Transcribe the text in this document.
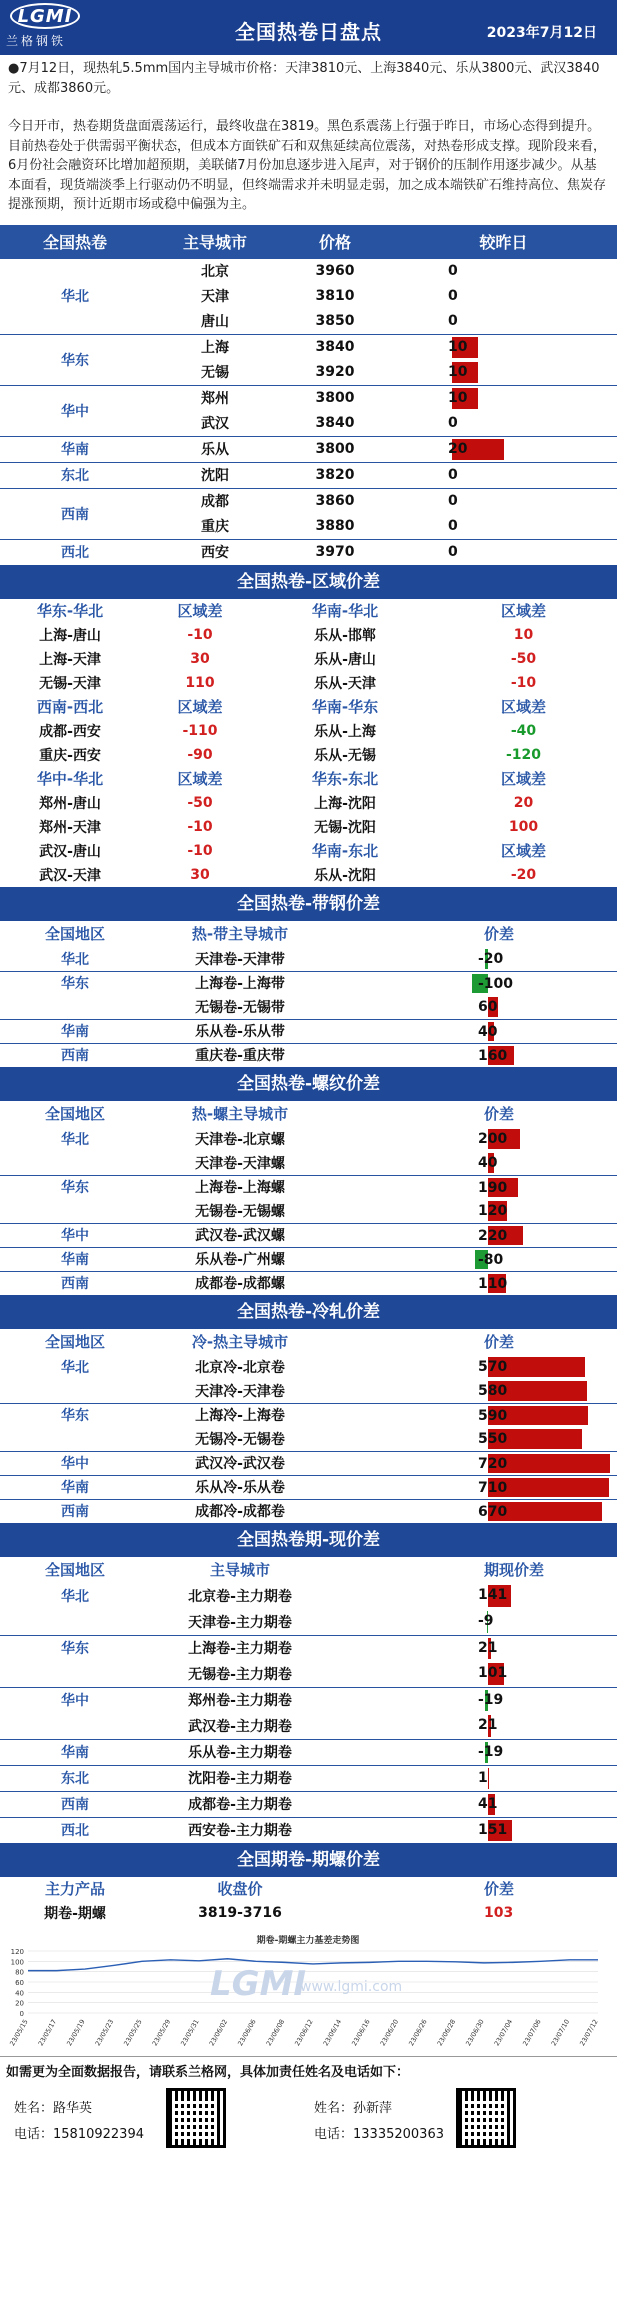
LGMI
兰格钢铁	全国热卷日盘点	2023年7月12日

●7月12日，现热轧5.5mm国内主导城市价格：天津3810元、上海3840元、乐从3800元、武汉3840元、成都3860元。

今日开市，热卷期货盘面震荡运行，最终收盘在3819。黑色系震荡上行强于昨日，市场心态得到提升。目前热卷处于供需弱平衡状态，但成本方面铁矿石和双焦延续高位震荡，对热卷形成支撑。现阶段来看，6月份社会融资环比增加超预期，美联储7月份加息逐步进入尾声，对于钢价的压制作用逐步减少。从基本面看，现货端淡季上行驱动仍不明显，但终端需求并未明显走弱，加之成本端铁矿石维持高位、焦炭存提涨预期，预计近期市场或稳中偏强为主。

全国热卷	主导城市	价格	较昨日
华北
北京	3960	0
天津	3810	0
唐山	3850	0
华东
上海	3840	10
无锡	3920	10
华中
郑州	3800	10
武汉	3840	0
华南	乐从	3800	20
东北	沈阳	3820	0
西南
成都	3860	0
重庆	3880	0
西北	西安	3970	0
全国热卷-区域价差
华东-华北	区域差	华南-华北	区域差
上海-唐山	-10	乐从-邯郸	10
上海-天津	30	乐从-唐山	-50
无锡-天津	110	乐从-天津	-10
西南-西北	区域差	华南-华东	区域差
成都-西安	-110	乐从-上海	-40
重庆-西安	-90	乐从-无锡	-120
华中-华北	区域差	华东-东北	区域差
郑州-唐山	-50	上海-沈阳	20
郑州-天津	-10	无锡-沈阳	100
武汉-唐山	-10	华南-东北	区域差
武汉-天津	30	乐从-沈阳	-20
全国热卷-带钢价差
全国地区	热-带主导城市	价差
华北	天津卷-天津带	-20
华东	上海卷-上海带	-100
无锡卷-无锡带	60
华南	乐从卷-乐从带	40
西南	重庆卷-重庆带	160
全国热卷-螺纹价差
全国地区	热-螺主导城市	价差
华北	天津卷-北京螺	200
天津卷-天津螺	40
华东	上海卷-上海螺	190
无锡卷-无锡螺	120
华中	武汉卷-武汉螺	220
华南	乐从卷-广州螺	-80
西南	成都卷-成都螺	110
全国热卷-冷轧价差
全国地区	冷-热主导城市	价差
华北	北京冷-北京卷	570
天津冷-天津卷	580
华东	上海冷-上海卷	590
无锡冷-无锡卷	550
华中	武汉冷-武汉卷	720
华南	乐从冷-乐从卷	710
西南	成都冷-成都卷	670
全国热卷期-现价差
全国地区	主导城市	期现价差
华北	北京卷-主力期卷	141
天津卷-主力期卷	-9
华东	上海卷-主力期卷	21
无锡卷-主力期卷	101
华中	郑州卷-主力期卷	-19
武汉卷-主力期卷	21
华南	乐从卷-主力期卷	-19
东北	沈阳卷-主力期卷	1
西南	成都卷-主力期卷	41
西北	西安卷-主力期卷	151
全国期卷-期螺价差
主力产品	收盘价	价差
期卷-期螺	3819-3716	103
期卷-期螺主力基差走势图
120
100
80
60
40
20
0
LGMI
www.lgmi.com
23/05/15 23/05/17 23/05/19 23/05/23 23/05/25 23/05/29 23/05/31 23/06/02 23/06/06 23/06/08 23/06/12 23/06/14 23/06/16 23/06/20 23/06/26 23/06/28 23/06/30 23/07/04 23/07/06 23/07/10 23/07/12
如需更为全面数据报告，请联系兰格网，具体加责任姓名及电话如下：
姓名：路华英
电话：15810922394
姓名：孙新萍
电话：13335200363
